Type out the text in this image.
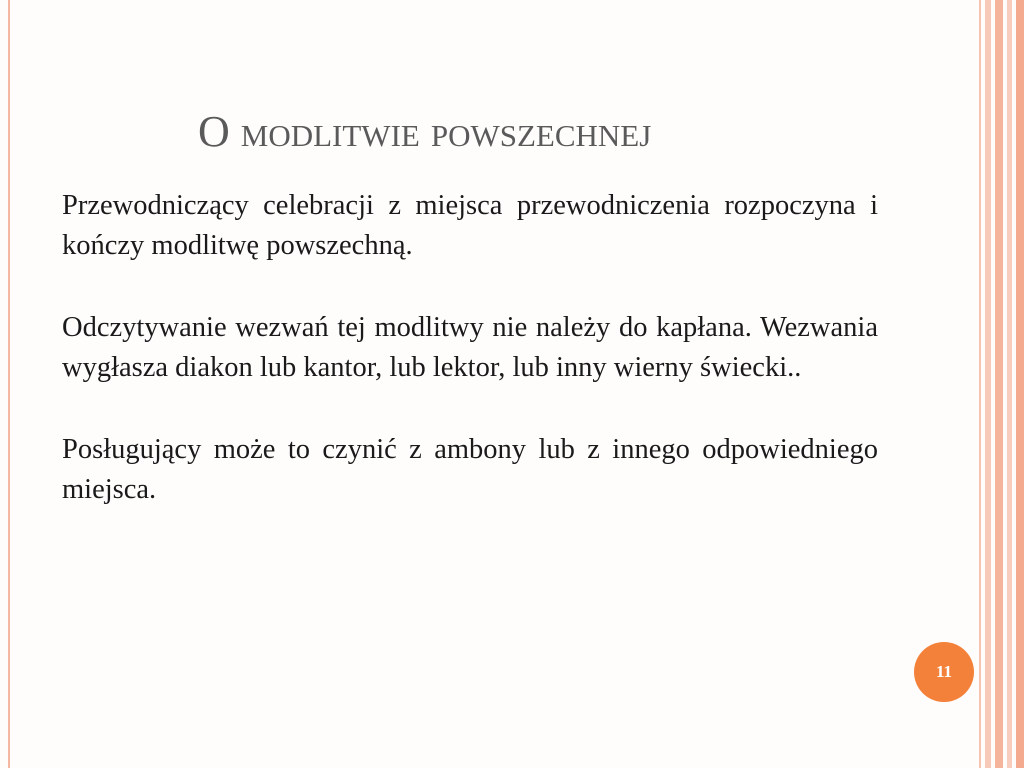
O modlitwie powszechnej

Przewodniczący celebracji z miejsca przewodniczenia rozpoczyna i kończy modlitwę powszechną.

Odczytywanie wezwań tej modlitwy nie należy do kapłana. Wezwania wygłasza diakon lub kantor, lub lektor, lub inny wierny świecki..

Posługujący może to czynić z ambony lub z innego odpowiedniego miejsca.

11
